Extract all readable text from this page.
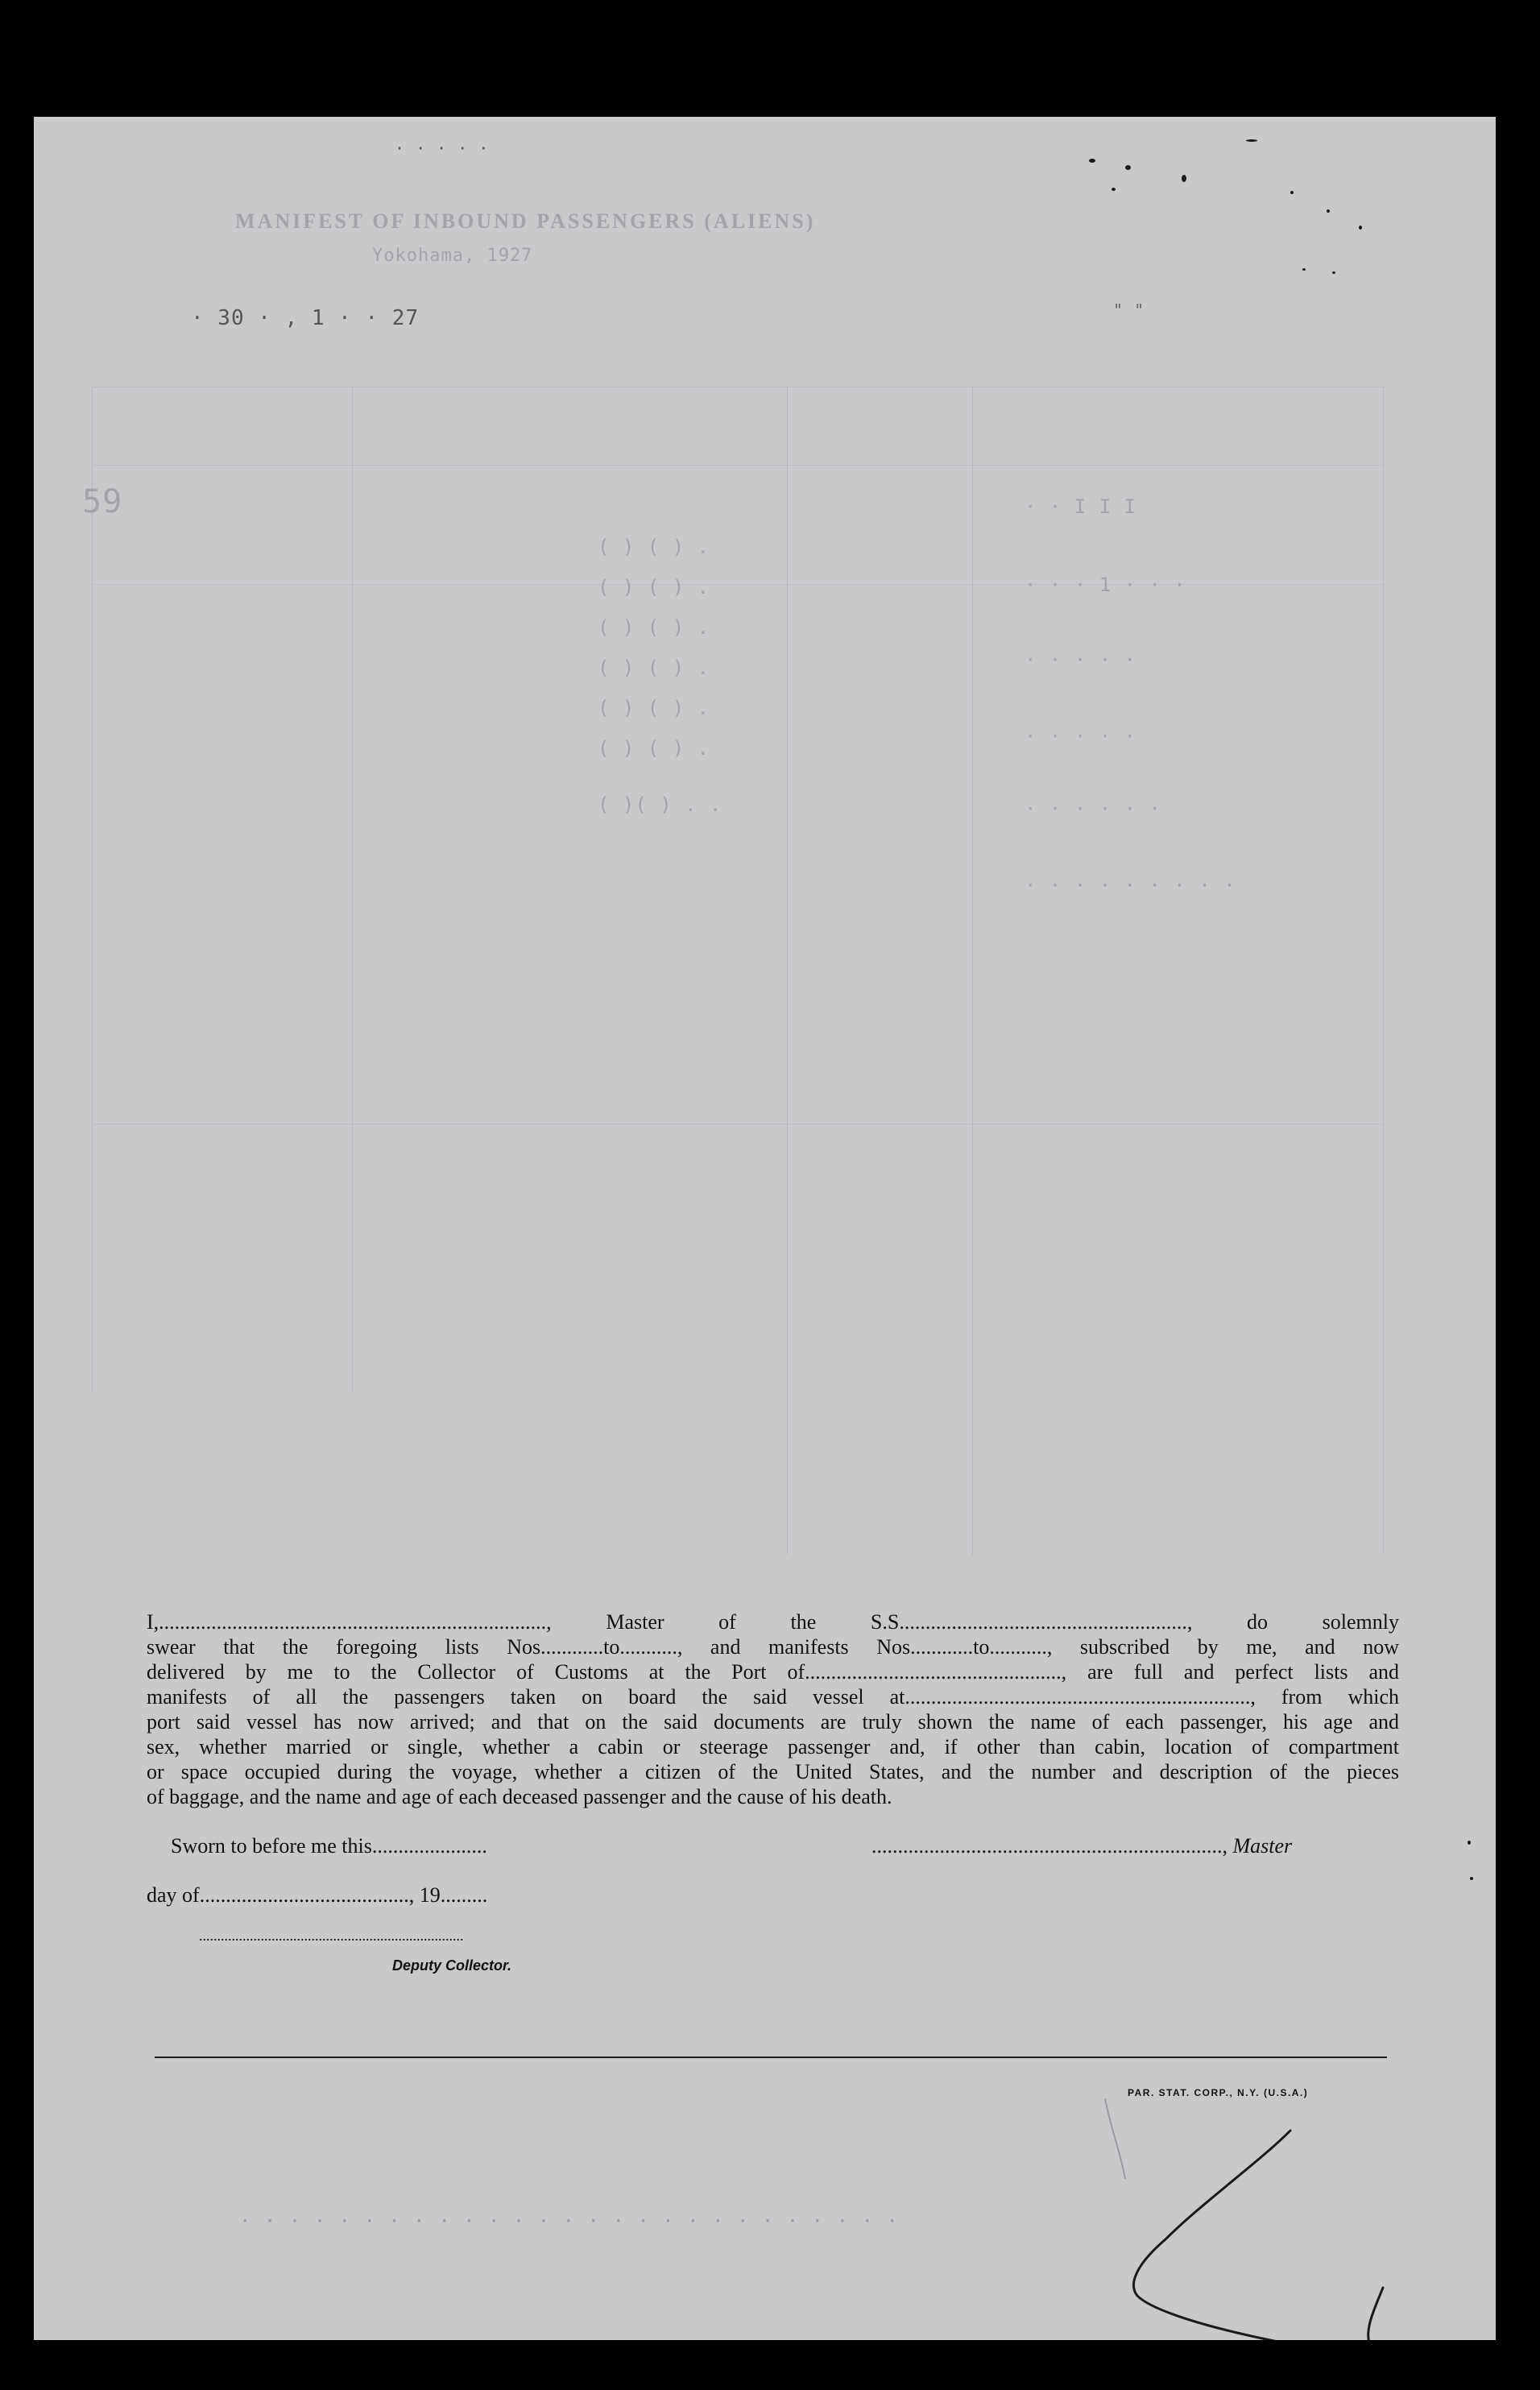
· · · · ·
MANIFEST OF INBOUND PASSENGERS (ALIENS)
Yokohama, 1927
· 30 · , 1 · · 27	" "
59
( ) ( ) .
( ) ( ) .
( ) ( ) .
( ) ( ) .
( ) ( ) .
( ) ( ) .
( )( ) . .
· · I I I
· · · 1 · · ·
· · · · ·
· · · · ·
· · · · · ·
· · · · · · · · ·
I,.........................................................................., Master of the S.S......................................................., do solemnly
swear that the foregoing lists Nos............to..........., and manifests Nos............to..........., subscribed by me, and now
delivered by me to the Collector of Customs at the Port of................................................., are full and perfect lists and
manifests of all the passengers taken on board the said vessel at.................................................................., from which
port said vessel has now arrived; and that on the said documents are truly shown the name of each passenger, his age and
sex, whether married or single, whether a cabin or steerage passenger and, if other than cabin, location of compartment
or space occupied during the voyage, whether a citizen of the United States, and the number and description of the pieces
of baggage, and the name and age of each deceased passenger and the cause of his death.
Sworn to before me this......................	..................................................................., Master
day of........................................, 19.........
.........................................................................
Deputy Collector.
PAR. STAT. CORP., N.Y. (U.S.A.)
· · · · · · · · · · · · · · · · · · · · · · · · · · ·
